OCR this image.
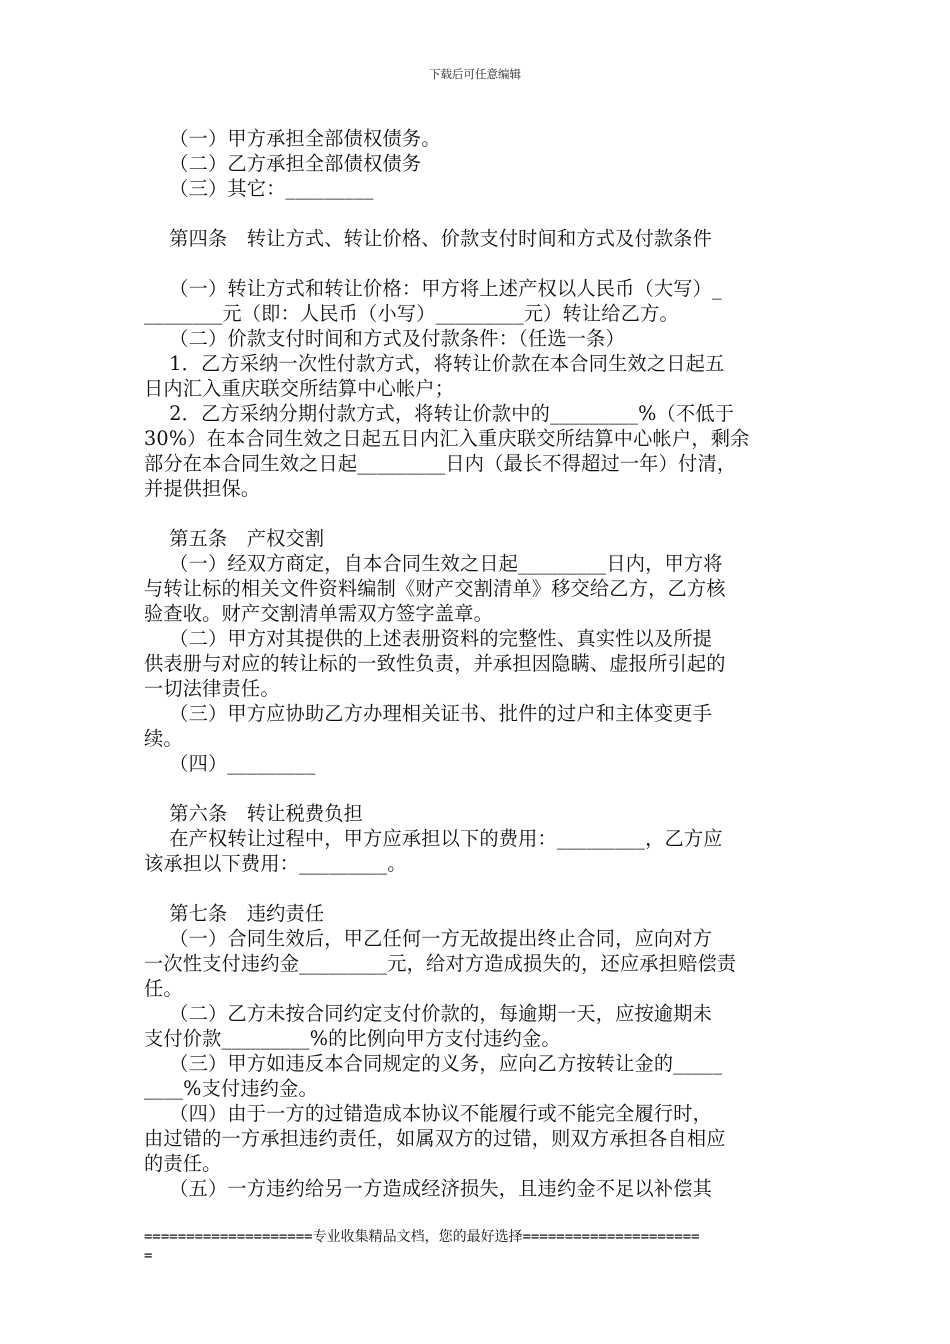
下载后可任意编辑
（一）甲方承担全部债权债务。
（二）乙方承担全部债权债务
（三）其它：_________
第四条　转让方式、转让价格、价款支付时间和方式及付款条件
（一）转让方式和转让价格：甲方将上述产权以人民币（大写）_
________元（即：人民币（小写）_________元）转让给乙方。
（二）价款支付时间和方式及付款条件：（任选一条）
1．乙方采纳一次性付款方式，将转让价款在本合同生效之日起五
日内汇入重庆联交所结算中心帐户；
2．乙方采纳分期付款方式，将转让价款中的_________%（不低于
30%）在本合同生效之日起五日内汇入重庆联交所结算中心帐户，剩余
部分在本合同生效之日起_________日内（最长不得超过一年）付清，
并提供担保。
第五条　产权交割
（一）经双方商定，自本合同生效之日起_________日内，甲方将
与转让标的相关文件资料编制《财产交割清单》移交给乙方，乙方核
验查收。财产交割清单需双方签字盖章。
（二）甲方对其提供的上述表册资料的完整性、真实性以及所提
供表册与对应的转让标的一致性负责，并承担因隐瞒、虚报所引起的
一切法律责任。
（三）甲方应协助乙方办理相关证书、批件的过户和主体变更手
续。
（四）_________
第六条　转让税费负担
在产权转让过程中，甲方应承担以下的费用：_________，乙方应
该承担以下费用：_________。
第七条　违约责任
（一）合同生效后，甲乙任何一方无故提出终止合同，应向对方
一次性支付违约金_________元，给对方造成损失的，还应承担赔偿责
任。
（二）乙方未按合同约定支付价款的，每逾期一天，应按逾期未
支付价款_________%的比例向甲方支付违约金。
（三）甲方如违反本合同规定的义务，应向乙方按转让金的_____
____%支付违约金。
（四）由于一方的过错造成本协议不能履行或不能完全履行时，
由过错的一方承担违约责任，如属双方的过错，则双方承担各自相应
的责任。
（五）一方违约给另一方造成经济损失，且违约金不足以补偿其
====================专业收集精品文档，您的最好选择=====================
=
